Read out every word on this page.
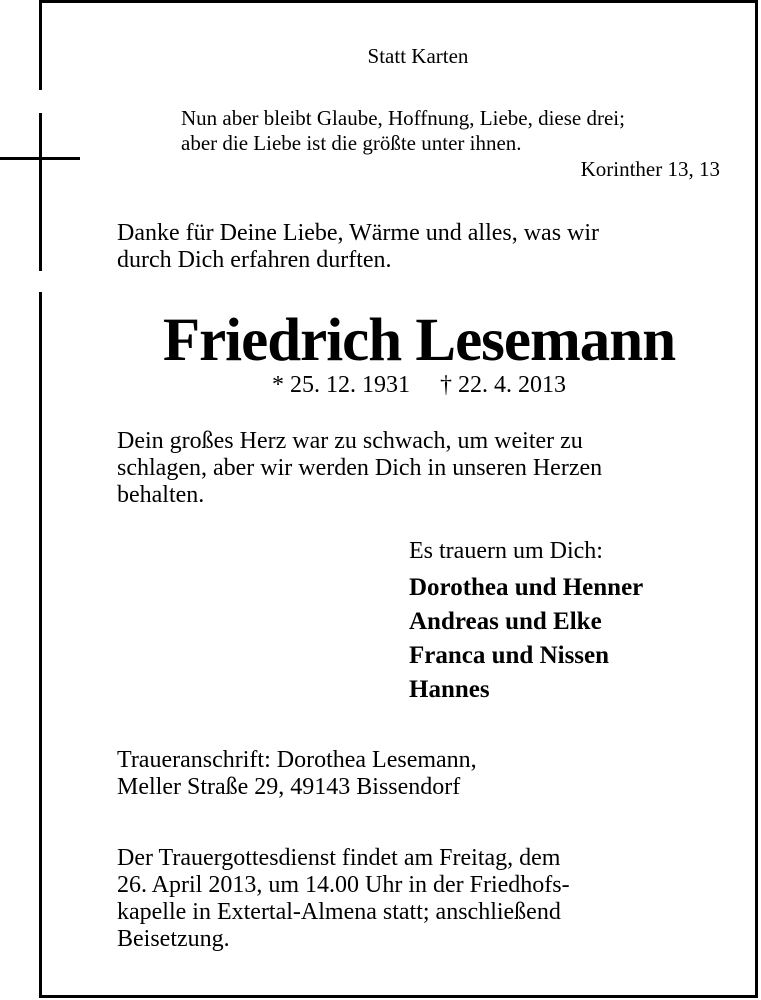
Statt Karten

Nun aber bleibt Glaube, Hoffnung, Liebe, diese drei;

aber die Liebe ist die größte unter ihnen.

Korinther 13, 13

Danke für Deine Liebe, Wärme und alles, was wir

durch Dich erfahren durften.

Friedrich Lesemann

* 25. 12. 1931 † 22. 4. 2013

Dein großes Herz war zu schwach, um weiter zu

schlagen, aber wir werden Dich in unseren Herzen

behalten.

Es trauern um Dich:

Dorothea und Henner

Andreas und Elke

Franca und Nissen

Hannes

Traueranschrift: Dorothea Lesemann,

Meller Straße 29, 49143 Bissendorf

Der Trauergottesdienst findet am Freitag, dem

26. April 2013, um 14.00 Uhr in der Friedhofs-

kapelle in Extertal-Almena statt; anschließend

Beisetzung.
